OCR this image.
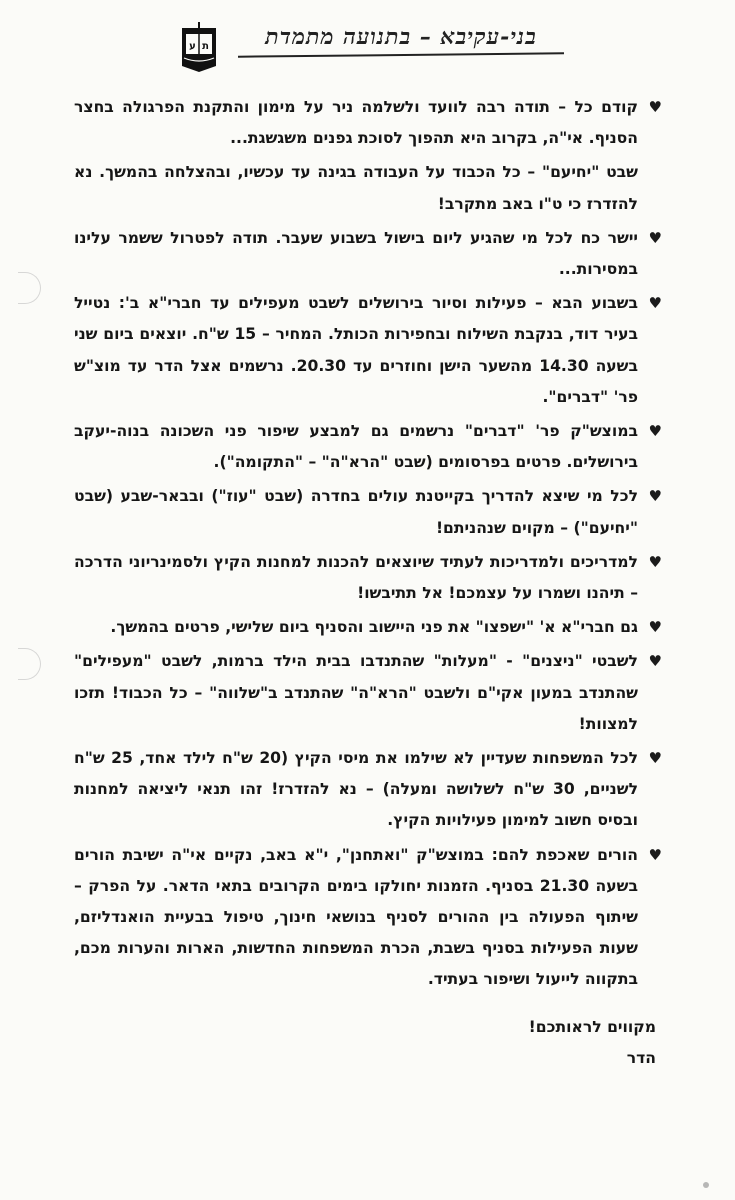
ע ת	בני-עקיבא – בתנועה מתמדת
♥
קודם כל – תודה רבה לוועד ולשלמה ניר על מימון והתקנת הפרגולה בחצר הסניף. אי"ה, בקרוב היא תהפוך לסוכת גפנים משגשגת...
שבט "יחיעם" – כל הכבוד על העבודה בגינה עד עכשיו, ובהצלחה בהמשך. נא להזדרז כי ט"ו באב מתקרב!
♥
יישר כח לכל מי שהגיע ליום בישול בשבוע שעבר. תודה לפטרול ששמר עלינו במסירות...
♥
בשבוע הבא – פעילות וסיור בירושלים לשבט מעפילים עד חברי"א ב': נטייל בעיר דוד, בנקבת השילוח ובחפירות הכותל. המחיר – 15 ש"ח. יוצאים ביום שני בשעה 14.30 מהשער הישן וחוזרים עד 20.30. נרשמים אצל הדר עד מוצ"ש פר' "דברים".
♥
במוצש"ק פר' "דברים" נרשמים גם למבצע שיפור פני השכונה בנוה-יעקב בירושלים. פרטים בפרסומים (שבט "הרא"ה" – "התקומה").
♥
לכל מי שיצא להדריך בקייטנת עולים בחדרה (שבט "עוז") ובבאר-שבע (שבט "יחיעם") – מקוים שנהניתם!
♥
למדריכים ולמדריכות לעתיד שיוצאים להכנות למחנות הקיץ ולסמינריוני הדרכה – תיהנו ושמרו על עצמכם! אל תתיבשו!
♥
גם חברי"א א' "ישפצו" את פני היישוב והסניף ביום שלישי, פרטים בהמשך.
♥
לשבטי "ניצנים" - "מעלות" שהתנדבו בבית הילד ברמות, לשבט "מעפילים" שהתנדב במעון אקי"ם ולשבט "הרא"ה" שהתנדב ב"שלווה" – כל הכבוד! תזכו למצוות!
♥
לכל המשפחות שעדיין לא שילמו את מיסי הקיץ (20 ש"ח לילד אחד, 25 ש"ח לשניים, 30 ש"ח לשלושה ומעלה) – נא להזדרז! זהו תנאי ליציאה למחנות ובסיס חשוב למימון פעילויות הקיץ.
♥
הורים שאכפת להם: במוצש"ק "ואתחנן", י"א באב, נקיים אי"ה ישיבת הורים בשעה 21.30 בסניף. הזמנות יחולקו בימים הקרובים בתאי הדאר. על הפרק – שיתוף הפעולה בין ההורים לסניף בנושאי חינוך, טיפול בבעיית הואנדליזם, שעות הפעילות בסניף בשבת, הכרת המשפחות החדשות, הארות והערות מכם, בתקווה לייעול ושיפור בעתיד.
מקווים לראותכם!
הדר
